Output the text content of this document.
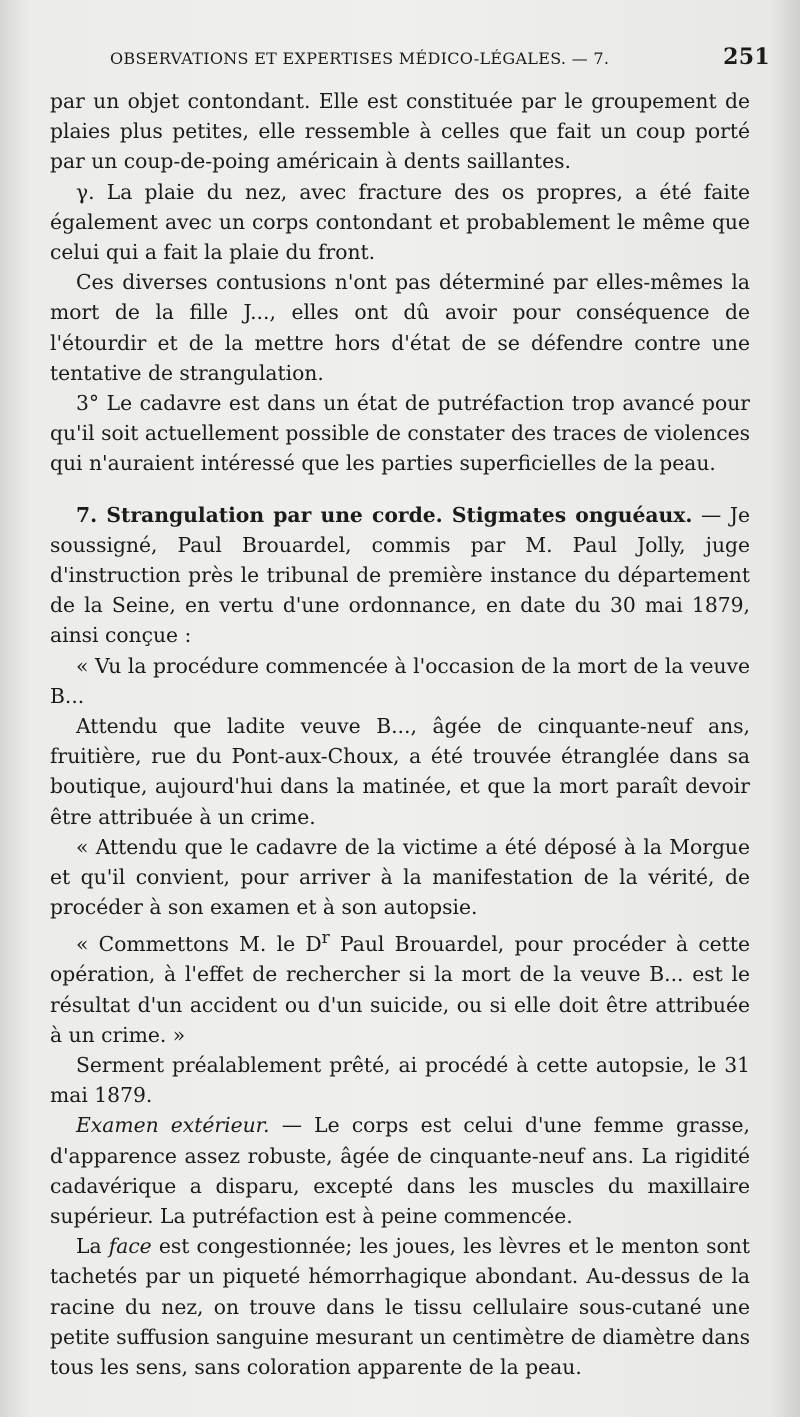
OBSERVATIONS ET EXPERTISES MÉDICO-LÉGALES. — 7.	251

par un objet contondant. Elle est constituée par le groupement de plaies plus petites, elle ressemble à celles que fait un coup porté par un coup-de-poing américain à dents saillantes.

γ. La plaie du nez, avec fracture des os propres, a été faite également avec un corps contondant et probablement le même que celui qui a fait la plaie du front.

Ces diverses contusions n'ont pas déterminé par elles-mêmes la mort de la fille J..., elles ont dû avoir pour conséquence de l'étourdir et de la mettre hors d'état de se défendre contre une tentative de strangulation.

3° Le cadavre est dans un état de putréfaction trop avancé pour qu'il soit actuellement possible de constater des traces de violences qui n'auraient intéressé que les parties superficielles de la peau.

7. Strangulation par une corde. Stigmates onguéaux. — Je soussigné, Paul Brouardel, commis par M. Paul Jolly, juge d'instruction près le tribunal de première instance du département de la Seine, en vertu d'une ordonnance, en date du 30 mai 1879, ainsi conçue :

« Vu la procédure commencée à l'occasion de la mort de la veuve B...

Attendu que ladite veuve B..., âgée de cinquante-neuf ans, fruitière, rue du Pont-aux-Choux, a été trouvée étranglée dans sa boutique, aujourd'hui dans la matinée, et que la mort paraît devoir être attribuée à un crime.

« Attendu que le cadavre de la victime a été déposé à la Morgue et qu'il convient, pour arriver à la manifestation de la vérité, de procéder à son examen et à son autopsie.

« Commettons M. le $D^r$ Paul Brouardel, pour procéder à cette opération, à l'effet de rechercher si la mort de la veuve B... est le résultat d'un accident ou d'un suicide, ou si elle doit être attribuée à un crime. »

Serment préalablement prêté, ai procédé à cette autopsie, le 31 mai 1879.

Examen extérieur. — Le corps est celui d'une femme grasse, d'apparence assez robuste, âgée de cinquante-neuf ans. La rigidité cadavérique a disparu, excepté dans les muscles du maxillaire supérieur. La putréfaction est à peine commencée.

La face est congestionnée; les joues, les lèvres et le menton sont tachetés par un piqueté hémorrhagique abondant. Au-dessus de la racine du nez, on trouve dans le tissu cellulaire sous-cutané une petite suffusion sanguine mesurant un centimètre de diamètre dans tous les sens, sans coloration apparente de la peau.
